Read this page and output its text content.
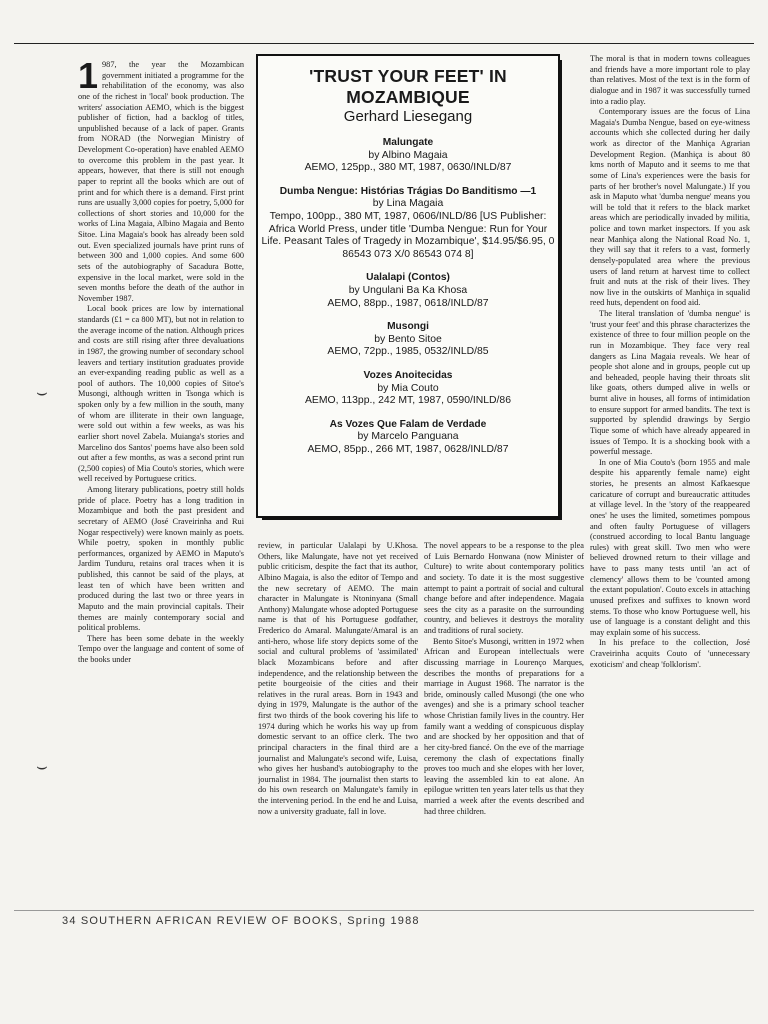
⌣
⌣

1 987, the year the Mozambican government initiated a programme for the rehabilitation of the economy, was also one of the richest in 'local' book production. The writers' association AEMO, which is the biggest publisher of fiction, had a backlog of titles, unpublished because of a lack of paper. Grants from NORAD (the Norwegian Ministry of Development Co-operation) have enabled AEMO to overcome this problem in the past year. It appears, however, that there is still not enough paper to reprint all the books which are out of print and for which there is a demand. First print runs are usually 3,000 copies for poetry, 5,000 for collections of short stories and 10,000 for the works of Lina Magaia, Albino Magaia and Bento Sitoe. Lina Magaia's book has already been sold out. Even specialized journals have print runs of between 300 and 1,000 copies. And some 600 sets of the autobiography of Sacadura Botte, expensive in the local market, were sold in the seven months before the death of the author in November 1987.

Local book prices are low by international standards (£1 = ca 800 MT), but not in relation to the average income of the nation. Although prices and costs are still rising after three devaluations in 1987, the growing number of secondary school leavers and tertiary institution graduates provide an ever-expanding reading public as well as a pool of authors. The 10,000 copies of Sitoe's Musongi, although written in Tsonga which is spoken only by a few million in the south, many of whom are illiterate in their own language, were sold out within a few weeks, as was his earlier short novel Zabela. Muianga's stories and Marcelino dos Santos' poems have also been sold out after a few months, as was a second print run (2,500 copies) of Mia Couto's stories, which were well received by Portuguese critics.

Among literary publications, poetry still holds pride of place. Poetry has a long tradition in Mozambique and both the past president and secretary of AEMO (José Craveirinha and Rui Nogar respectively) were known mainly as poets. While poetry, spoken in monthly public performances, organized by AEMO in Maputo's Jardim Tunduru, retains oral traces when it is published, this cannot be said of the plays, at least ten of which have been written and produced during the last two or three years in Maputo and the main provincial capitals. Their themes are mainly contemporary social and political problems.

There has been some debate in the weekly Tempo over the language and content of some of the books under

'TRUST YOUR FEET' IN MOZAMBIQUE
Gerhard Liesegang
Malungate
by Albino Magaia
AEMO, 125pp., 380 MT, 1987, 0630/INLD/87
Dumba Nengue: Histórias Trágias Do Banditismo —1
by Lina Magaia
Tempo, 100pp., 380 MT, 1987, 0606/INLD/86 [US Publisher: Africa World Press, under title 'Dumba Nengue: Run for Your Life. Peasant Tales of Tragedy in Mozambique', $14.95/$6.95, 0 86543 073 X/0 86543 074 8]
Ualalapi (Contos)
by Ungulani Ba Ka Khosa
AEMO, 88pp., 1987, 0618/INLD/87
Musongi
by Bento Sitoe
AEMO, 72pp., 1985, 0532/INLD/85
Vozes Anoitecidas
by Mia Couto
AEMO, 113pp., 242 MT, 1987, 0590/INLD/86
As Vozes Que Falam de Verdade
by Marcelo Panguana
AEMO, 85pp., 266 MT, 1987, 0628/INLD/87

review, in particular Ualalapi by U.Khosa. Others, like Malungate, have not yet received public criticism, despite the fact that its author, Albino Magaia, is also the editor of Tempo and the new secretary of AEMO. The main character in Malungate is Ntoninyana (Small Anthony) Malungate whose adopted Portuguese name is that of his Portuguese godfather, Frederico do Amaral. Malungate/Amaral is an anti-hero, whose life story depicts some of the social and cultural problems of 'assimilated' black Mozambicans before and after independence, and the relationship between the petite bourgeoisie of the cities and their relatives in the rural areas. Born in 1943 and dying in 1979, Malungate is the author of the first two thirds of the book covering his life to 1974 during which he works his way up from domestic servant to an office clerk. The two principal characters in the final third are a journalist and Malungate's second wife, Luisa, who gives her husband's autobiography to the journalist in 1984. The journalist then starts to do his own research on Malungate's family in the intervening period. In the end he and Luisa, now a university graduate, fall in love.

The novel appears to be a response to the plea of Luis Bernardo Honwana (now Minister of Culture) to write about contemporary politics and society. To date it is the most suggestive attempt to paint a portrait of social and cultural change before and after independence. Magaia sees the city as a parasite on the surrounding country, and believes it destroys the morality and traditions of rural society.

Bento Sitoe's Musongi, written in 1972 when African and European intellectuals were discussing marriage in Lourenço Marques, describes the months of preparations for a marriage in August 1968. The narrator is the bride, ominously called Musongi (the one who avenges) and she is a primary school teacher whose Christian family lives in the country. Her family want a wedding of conspicuous display and are shocked by her opposition and that of her city-bred fiancé. On the eve of the marriage ceremony the clash of expectations finally proves too much and she elopes with her lover, leaving the assembled kin to eat alone. An epilogue written ten years later tells us that they married a week after the events described and had three children.

The moral is that in modern towns colleagues and friends have a more important role to play than relatives. Most of the text is in the form of dialogue and in 1987 it was successfully turned into a radio play.

Contemporary issues are the focus of Lina Magaia's Dumba Nengue, based on eye-witness accounts which she collected during her daily work as director of the Manhiça Agrarian Development Region. (Manhiça is about 80 kms north of Maputo and it seems to me that some of Lina's experiences were the basis for parts of her brother's novel Malungate.) If you ask in Maputo what 'dumba nengue' means you will be told that it refers to the black market areas which are periodically invaded by militia, police and town market inspectors. If you ask near Manhiça along the National Road No. 1, they will say that it refers to a vast, formerly densely-populated area where the previous users of land return at harvest time to collect fruit and nuts at the risk of their lives. They now live in the outskirts of Manhiça in squalid reed huts, dependent on food aid.

The literal translation of 'dumba nengue' is 'trust your feet' and this phrase characterizes the existence of three to four million people on the run in Mozambique. They face very real dangers as Lina Magaia reveals. We hear of people shot alone and in groups, people cut up and beheaded, people having their throats slit like goats, others dumped alive in wells or burnt alive in houses, all forms of intimidation to ensure support for armed bandits. The text is supported by splendid drawings by Sergio Tique some of which have already appeared in issues of Tempo. It is a shocking book with a powerful message.

In one of Mia Couto's (born 1955 and male despite his apparently female name) eight stories, he presents an almost Kafkaesque caricature of corrupt and bureaucratic attitudes at village level. In the 'story of the reappeared ones' he uses the limited, sometimes pompous and often faulty Portuguese of villagers (construed according to local Bantu language rules) with great skill. Two men who were believed drowned return to their village and have to pass many tests until 'an act of clemency' allows them to be 'counted among the extant population'. Couto excels in attaching unused prefixes and suffixes to known word stems. To those who know Portuguese well, his use of language is a constant delight and this may explain some of his success.

In his preface to the collection, José Craveirinha acquits Couto of 'unnecessary exoticism' and cheap 'folklorism'.

34 SOUTHERN AFRICAN REVIEW OF BOOKS, Spring 1988
